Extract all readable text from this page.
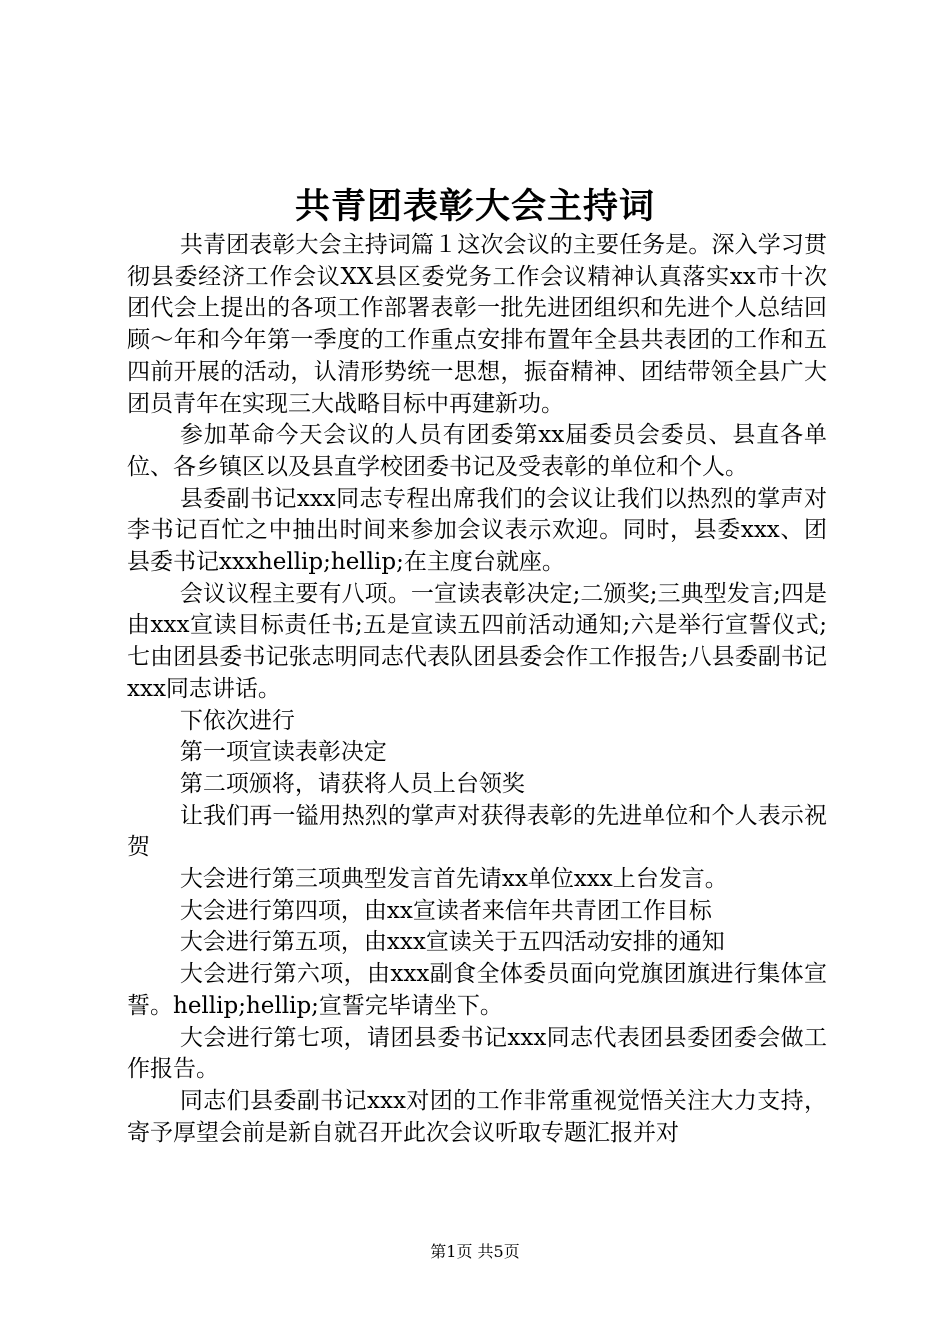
共青团表彰大会主持词

共青团表彰大会主持词篇１这次会议的主要任务是。深入学习贯彻县委经济工作会议XX县区委党务工作会议精神认真落实xx市十次团代会上提出的各项工作部署表彰一批先进团组织和先进个人总结回顾～年和今年第一季度的工作重点安排布置年全县共表团的工作和五四前开展的活动，认清形势统一思想，振奋精神、团结带领全县广大团员青年在实现三大战略目标中再建新功。

参加革命今天会议的人员有团委第xx届委员会委员、县直各单位、各乡镇区以及县直学校团委书记及受表彰的单位和个人。

县委副书记xxx同志专程出席我们的会议让我们以热烈的掌声对李书记百忙之中抽出时间来参加会议表示欢迎。同时，县委xxx、团县委书记xxxhellip;hellip;在主度台就座。

会议议程主要有八项。一宣读表彰决定;二颁奖;三典型发言;四是由xxx宣读目标责任书;五是宣读五四前活动通知;六是举行宣誓仪式;七由团县委书记张志明同志代表队团县委会作工作报告;八县委副书记xxx同志讲话。

下依次进行

第一项宣读表彰决定

第二项颁将，请获将人员上台领奖

让我们再一镒用热烈的掌声对获得表彰的先进单位和个人表示祝贺

大会进行第三项典型发言首先请xx单位xxx上台发言。

大会进行第四项，由xx宣读者来信年共青团工作目标

大会进行第五项，由xxx宣读关于五四活动安排的通知

大会进行第六项，由xxx副食全体委员面向党旗团旗进行集体宣誓。hellip;hellip;宣誓完毕请坐下。

大会进行第七项，请团县委书记xxx同志代表团县委团委会做工作报告。

同志们县委副书记xxx对团的工作非常重视觉悟关注大力支持，寄予厚望会前是新自就召开此次会议听取专题汇报并对

第1页 共5页
